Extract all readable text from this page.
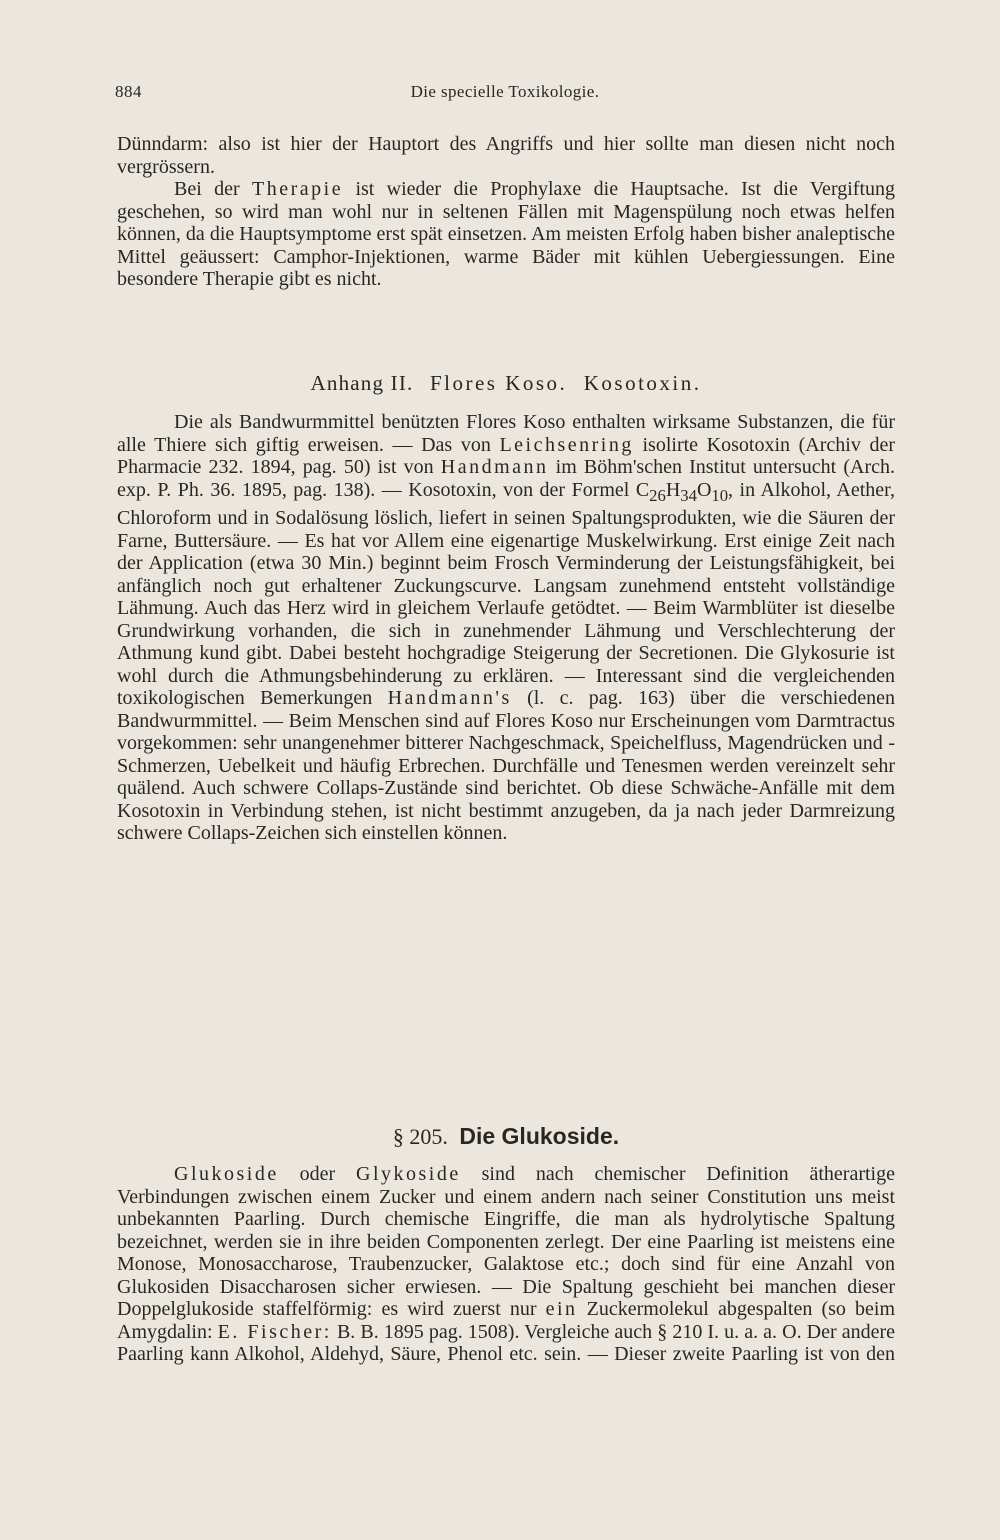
884	Die specielle Toxikologie.

Dünndarm: also ist hier der Hauptort des Angriffs und hier sollte man diesen nicht noch vergrössern.

Bei der Therapie ist wieder die Prophylaxe die Hauptsache. Ist die Vergiftung geschehen, so wird man wohl nur in seltenen Fällen mit Magenspülung noch etwas helfen können, da die Hauptsymptome erst spät einsetzen. Am meisten Erfolg haben bisher analeptische Mittel geäussert: Camphor-Injektionen, warme Bäder mit kühlen Uebergiessungen. Eine besondere Therapie gibt es nicht.

Anhang II. Flores Koso. Kosotoxin.

Die als Bandwurmmittel benützten Flores Koso enthalten wirksame Substanzen, die für alle Thiere sich giftig erweisen. — Das von Leichsenring isolirte Kosotoxin (Archiv der Pharmacie 232. 1894, pag. 50) ist von Handmann im Böhm'schen Institut untersucht (Arch. exp. P. Ph. 36. 1895, pag. 138). — Kosotoxin, von der Formel $C_{26}H_{34}O_{10}$, in Alkohol, Aether, Chloroform und in Sodalösung löslich, liefert in seinen Spaltungsprodukten, wie die Säuren der Farne, Buttersäure. — Es hat vor Allem eine eigenartige Muskelwirkung. Erst einige Zeit nach der Application (etwa 30 Min.) beginnt beim Frosch Verminderung der Leistungsfähigkeit, bei anfänglich noch gut erhaltener Zuckungscurve. Langsam zunehmend entsteht vollständige Lähmung. Auch das Herz wird in gleichem Verlaufe getödtet. — Beim Warmblüter ist dieselbe Grundwirkung vorhanden, die sich in zunehmender Lähmung und Verschlechterung der Athmung kund gibt. Dabei besteht hochgradige Steigerung der Secretionen. Die Glykosurie ist wohl durch die Athmungsbehinderung zu erklären. — Interessant sind die vergleichenden toxikologischen Bemerkungen Handmann's (l. c. pag. 163) über die verschiedenen Bandwurmmittel. — Beim Menschen sind auf Flores Koso nur Erscheinungen vom Darmtractus vorgekommen: sehr unangenehmer bitterer Nachgeschmack, Speichelfluss, Magendrücken und -Schmerzen, Uebelkeit und häufig Erbrechen. Durchfälle und Tenesmen werden vereinzelt sehr quälend. Auch schwere Collaps-Zustände sind berichtet. Ob diese Schwäche-Anfälle mit dem Kosotoxin in Verbindung stehen, ist nicht bestimmt anzugeben, da ja nach jeder Darmreizung schwere Collaps-Zeichen sich einstellen können.

§ 205. Die Glukoside.

Glukoside oder Glykoside sind nach chemischer Definition ätherartige Verbindungen zwischen einem Zucker und einem andern nach seiner Constitution uns meist unbekannten Paarling. Durch chemische Eingriffe, die man als hydrolytische Spaltung bezeichnet, werden sie in ihre beiden Componenten zerlegt. Der eine Paarling ist meistens eine Monose, Monosaccharose, Traubenzucker, Galaktose etc.; doch sind für eine Anzahl von Glukosiden Disaccharosen sicher erwiesen. — Die Spaltung geschieht bei manchen dieser Doppelglukoside staffelförmig: es wird zuerst nur ein Zuckermolekul abgespalten (so beim Amygdalin: E. Fischer: B. B. 1895 pag. 1508). Vergleiche auch § 210 I. u. a. a. O. Der andere Paarling kann Alkohol, Aldehyd, Säure, Phenol etc. sein. — Dieser zweite Paarling ist von den
